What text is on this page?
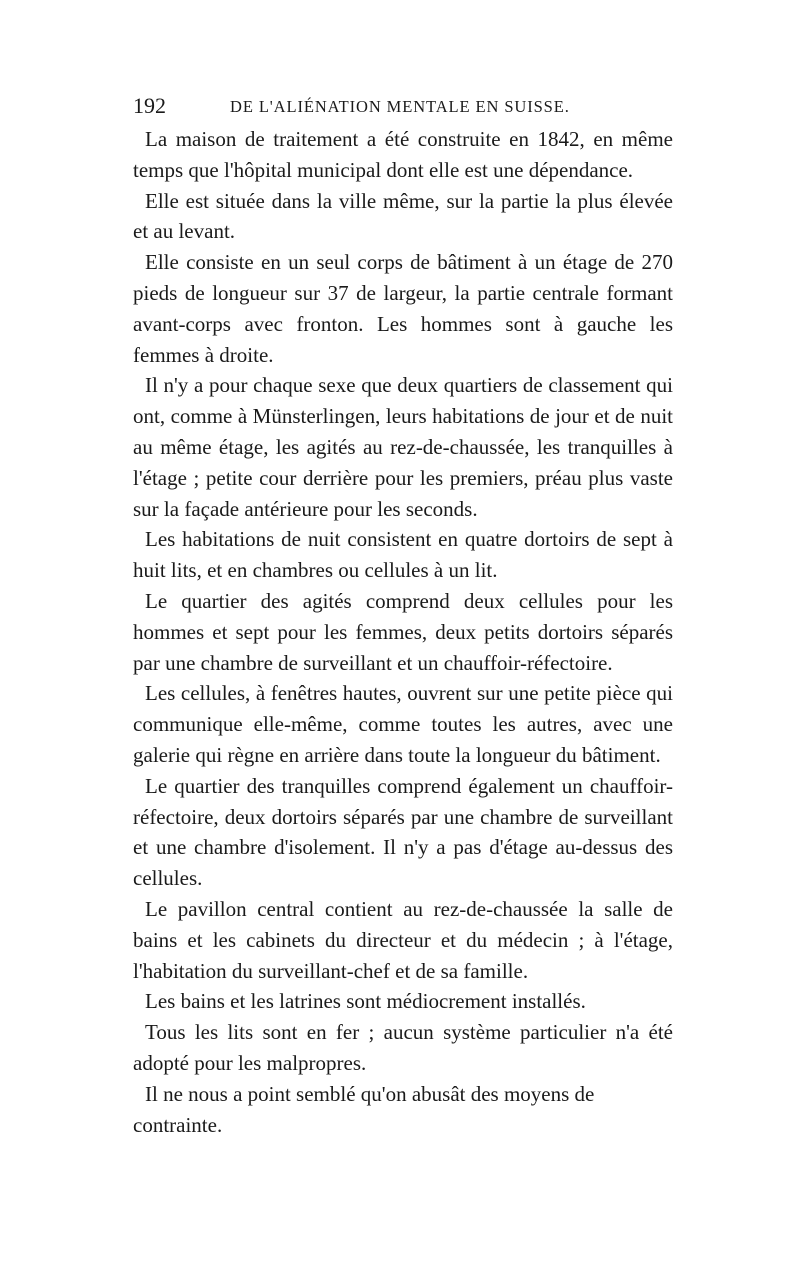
192	DE L'ALIÉNATION MENTALE EN SUISSE.

La maison de traitement a été construite en 1842, en même temps que l'hôpital municipal dont elle est une dépendance.

Elle est située dans la ville même, sur la partie la plus élevée et au levant.

Elle consiste en un seul corps de bâtiment à un étage de 270 pieds de longueur sur 37 de largeur, la partie centrale formant avant-corps avec fronton. Les hommes sont à gauche les femmes à droite.

Il n'y a pour chaque sexe que deux quartiers de classement qui ont, comme à Münsterlingen, leurs habitations de jour et de nuit au même étage, les agités au rez-de-chaussée, les tranquilles à l'étage ; petite cour derrière pour les premiers, préau plus vaste sur la façade antérieure pour les seconds.

Les habitations de nuit consistent en quatre dortoirs de sept à huit lits, et en chambres ou cellules à un lit.

Le quartier des agités comprend deux cellules pour les hommes et sept pour les femmes, deux petits dortoirs séparés par une chambre de surveillant et un chauffoir-réfectoire.

Les cellules, à fenêtres hautes, ouvrent sur une petite pièce qui communique elle-même, comme toutes les autres, avec une galerie qui règne en arrière dans toute la longueur du bâtiment.

Le quartier des tranquilles comprend également un chauffoir-réfectoire, deux dortoirs séparés par une chambre de surveillant et une chambre d'isolement. Il n'y a pas d'étage au-dessus des cellules.

Le pavillon central contient au rez-de-chaussée la salle de bains et les cabinets du directeur et du médecin ; à l'étage, l'habitation du surveillant-chef et de sa famille.

Les bains et les latrines sont médiocrement installés.

Tous les lits sont en fer ; aucun système particulier n'a été adopté pour les malpropres.

Il ne nous a point semblé qu'on abusât des moyens de contrainte.
